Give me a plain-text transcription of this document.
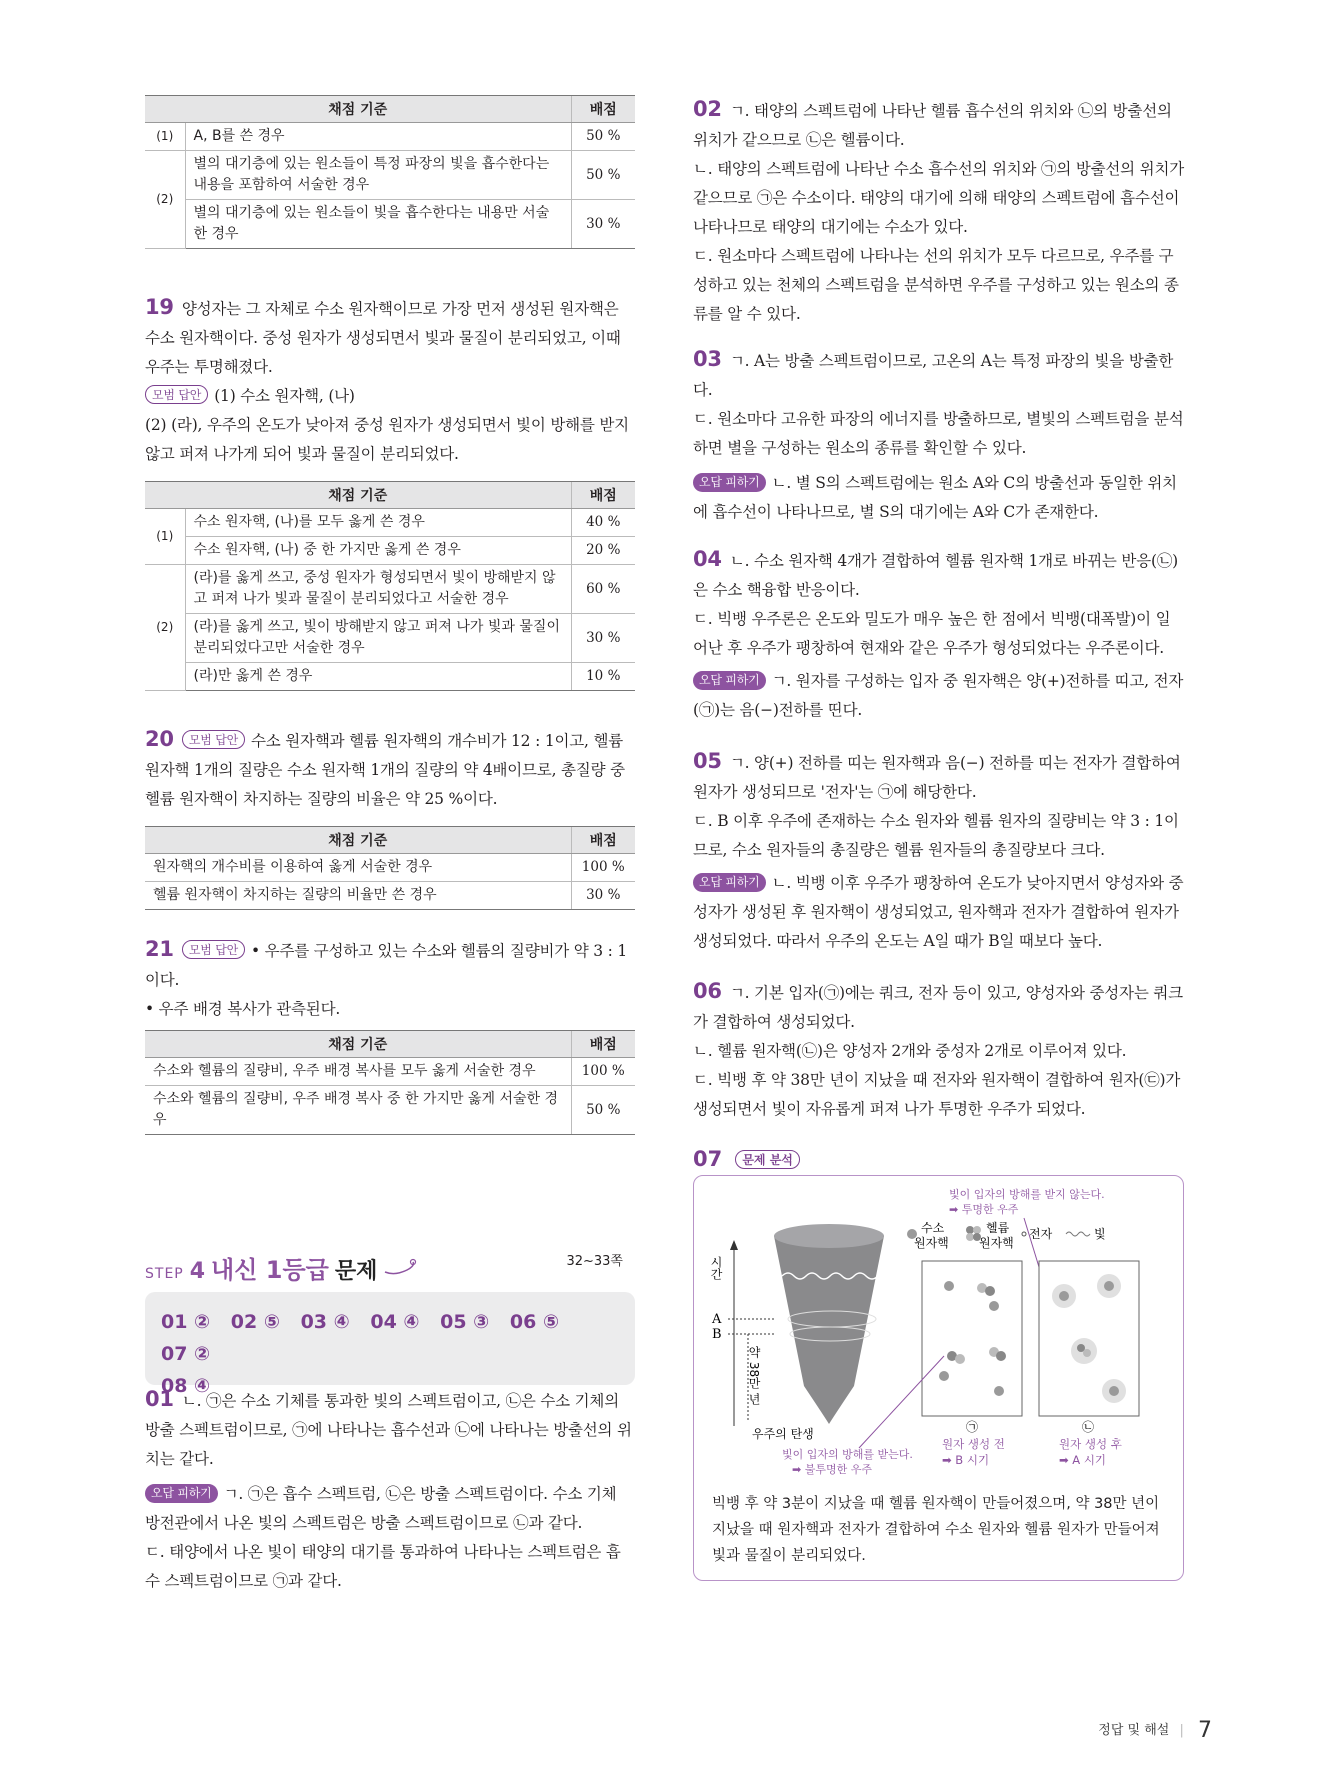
채점 기준		배점
(1)	A, B를 쓴 경우	50 %
(2)	별의 대기층에 있는 원소들이 특정 파장의 빛을 흡수한다는 내용을 포함하여 서술한 경우	50 %
	별의 대기층에 있는 원소들이 빛을 흡수한다는 내용만 서술한 경우	30 %

19 양성자는 그 자체로 수소 원자핵이므로 가장 먼저 생성된 원자핵은 수소 원자핵이다. 중성 원자가 생성되면서 빛과 물질이 분리되었고, 이때 우주는 투명해졌다.

모범 답안 (1) 수소 원자핵, (나)

(2) (라), 우주의 온도가 낮아져 중성 원자가 생성되면서 빛이 방해를 받지 않고 퍼져 나가게 되어 빛과 물질이 분리되었다.

채점 기준		배점
(1)	수소 원자핵, (나)를 모두 옳게 쓴 경우	40 %
	수소 원자핵, (나) 중 한 가지만 옳게 쓴 경우	20 %
(2)	(라)를 옳게 쓰고, 중성 원자가 형성되면서 빛이 방해받지 않고 퍼져 나가 빛과 물질이 분리되었다고 서술한 경우	60 %
	(라)를 옳게 쓰고, 빛이 방해받지 않고 퍼져 나가 빛과 물질이 분리되었다고만 서술한 경우	30 %
	(라)만 옳게 쓴 경우	10 %

20 모범 답안 수소 원자핵과 헬륨 원자핵의 개수비가 12 : 1이고, 헬륨 원자핵 1개의 질량은 수소 원자핵 1개의 질량의 약 4배이므로, 총질량 중 헬륨 원자핵이 차지하는 질량의 비율은 약 25 %이다.

채점 기준	배점
원자핵의 개수비를 이용하여 옳게 서술한 경우	100 %
헬륨 원자핵이 차지하는 질량의 비율만 쓴 경우	30 %

21 모범 답안 • 우주를 구성하고 있는 수소와 헬륨의 질량비가 약 3 : 1이다.

• 우주 배경 복사가 관측된다.

채점 기준	배점
수소와 헬륨의 질량비, 우주 배경 복사를 모두 옳게 서술한 경우	100 %
수소와 헬륨의 질량비, 우주 배경 복사 중 한 가지만 옳게 서술한 경우	50 %
STEP 4 내신 1등급 문제	32~33쪽
01 ② 02 ⑤ 03 ④ 04 ④ 05 ③ 06 ⑤ 07 ②
08 ④

01 ㄴ. ㉠은 수소 기체를 통과한 빛의 스펙트럼이고, ㉡은 수소 기체의 방출 스펙트럼이므로, ㉠에 나타나는 흡수선과 ㉡에 나타나는 방출선의 위치는 같다.

오답 피하기 ㄱ. ㉠은 흡수 스펙트럼, ㉡은 방출 스펙트럼이다. 수소 기체 방전관에서 나온 빛의 스펙트럼은 방출 스펙트럼이므로 ㉡과 같다.

ㄷ. 태양에서 나온 빛이 태양의 대기를 통과하여 나타나는 스펙트럼은 흡수 스펙트럼이므로 ㉠과 같다.

02 ㄱ. 태양의 스펙트럼에 나타난 헬륨 흡수선의 위치와 ㉡의 방출선의 위치가 같으므로 ㉡은 헬륨이다.

ㄴ. 태양의 스펙트럼에 나타난 수소 흡수선의 위치와 ㉠의 방출선의 위치가 같으므로 ㉠은 수소이다. 태양의 대기에 의해 태양의 스펙트럼에 흡수선이 나타나므로 태양의 대기에는 수소가 있다.

ㄷ. 원소마다 스펙트럼에 나타나는 선의 위치가 모두 다르므로, 우주를 구성하고 있는 천체의 스펙트럼을 분석하면 우주를 구성하고 있는 원소의 종류를 알 수 있다.

03 ㄱ. A는 방출 스펙트럼이므로, 고온의 A는 특정 파장의 빛을 방출한다.

ㄷ. 원소마다 고유한 파장의 에너지를 방출하므로, 별빛의 스펙트럼을 분석하면 별을 구성하는 원소의 종류를 확인할 수 있다.

오답 피하기 ㄴ. 별 S의 스펙트럼에는 원소 A와 C의 방출선과 동일한 위치에 흡수선이 나타나므로, 별 S의 대기에는 A와 C가 존재한다.

04 ㄴ. 수소 원자핵 4개가 결합하여 헬륨 원자핵 1개로 바뀌는 반응(㉡)은 수소 핵융합 반응이다.

ㄷ. 빅뱅 우주론은 온도와 밀도가 매우 높은 한 점에서 빅뱅(대폭발)이 일어난 후 우주가 팽창하여 현재와 같은 우주가 형성되었다는 우주론이다.

오답 피하기 ㄱ. 원자를 구성하는 입자 중 원자핵은 양(+)전하를 띠고, 전자(㉠)는 음(−)전하를 띤다.

05 ㄱ. 양(+) 전하를 띠는 원자핵과 음(−) 전하를 띠는 전자가 결합하여 원자가 생성되므로 '전자'는 ㉠에 해당한다.

ㄷ. B 이후 우주에 존재하는 수소 원자와 헬륨 원자의 질량비는 약 3 : 1이므로, 수소 원자들의 총질량은 헬륨 원자들의 총질량보다 크다.

오답 피하기 ㄴ. 빅뱅 이후 우주가 팽창하여 온도가 낮아지면서 양성자와 중성자가 생성된 후 원자핵이 생성되었고, 원자핵과 전자가 결합하여 원자가 생성되었다. 따라서 우주의 온도는 A일 때가 B일 때보다 높다.

06 ㄱ. 기본 입자(㉠)에는 쿼크, 전자 등이 있고, 양성자와 중성자는 쿼크가 결합하여 생성되었다.

ㄴ. 헬륨 원자핵(㉡)은 양성자 2개와 중성자 2개로 이루어져 있다.

ㄷ. 빅뱅 후 약 38만 년이 지났을 때 전자와 원자핵이 결합하여 원자(㉢)가 생성되면서 빛이 자유롭게 퍼져 나가 투명한 우주가 되었다.

07 문제 분석
빛이 입자의 방해를 받지 않는다.
➡ 투명한 우주
수소
원자핵
헬륨
원자핵
전자	빛
시간
A
B
약 38만 년
우주의 탄생	㉠	㉡
원자 생성 전
➡ B 시기
원자 생성 후
➡ A 시기
빛이 입자의 방해를 받는다.
➡ 불투명한 우주

빅뱅 후 약 3분이 지났을 때 헬륨 원자핵이 만들어졌으며, 약 38만 년이 지났을 때 원자핵과 전자가 결합하여 수소 원자와 헬륨 원자가 만들어져 빛과 물질이 분리되었다.

정답 및 해설 | 7
